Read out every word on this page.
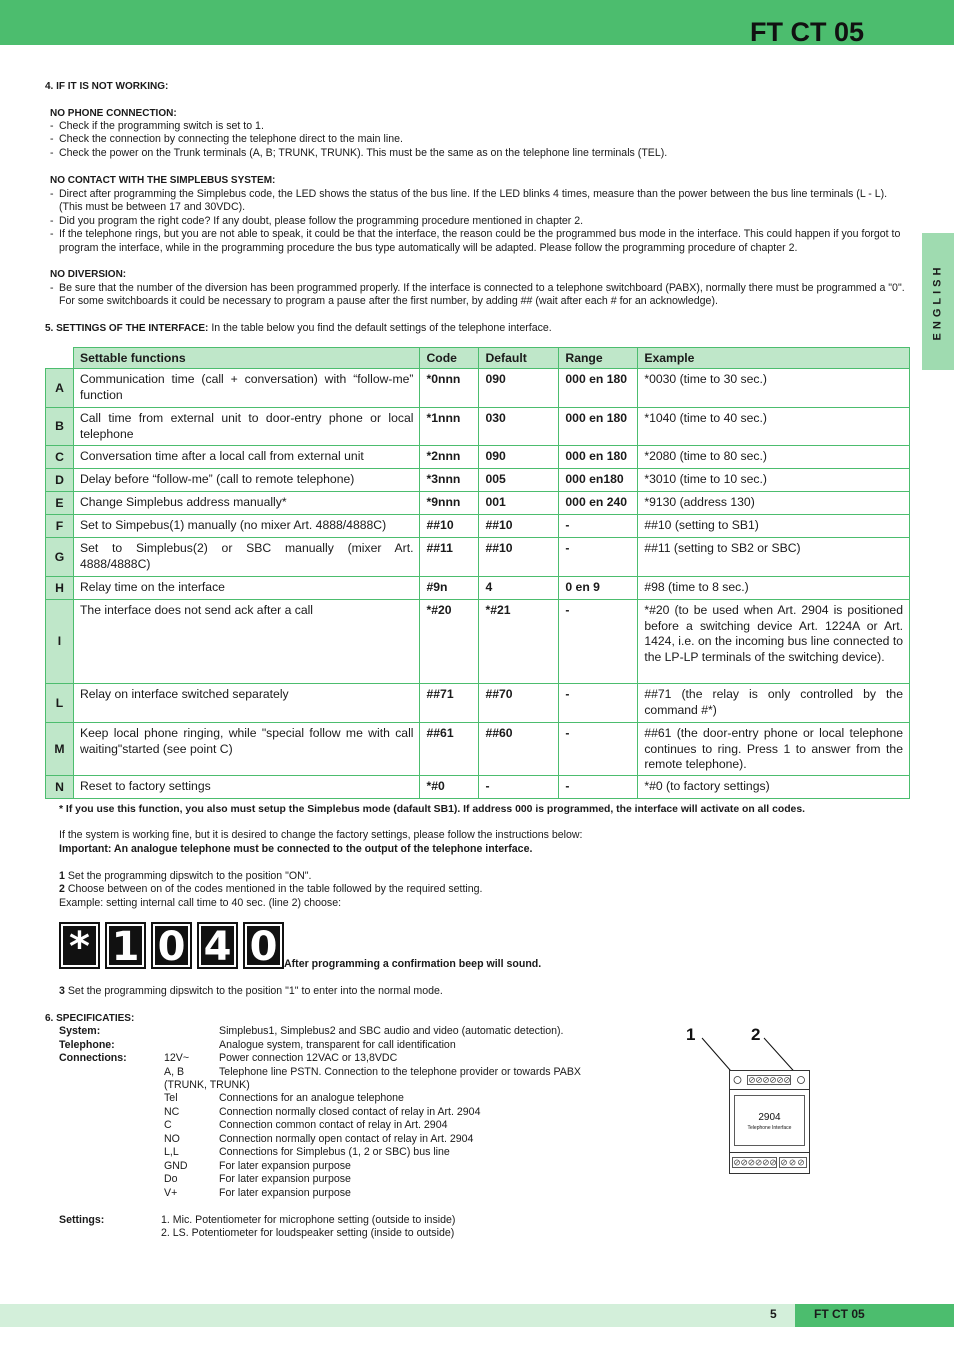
FT CT 05
ENGLISH
4. IF IT IS NOT WORKING:
NO PHONE CONNECTION:
- Check if the programming switch is set to 1.
- Check the connection by connecting the telephone direct to the main line.
- Check the power on the Trunk terminals (A, B; TRUNK, TRUNK). This must be the same as on the telephone line terminals (TEL).
NO CONTACT WITH THE SIMPLEBUS SYSTEM:
- Direct after programming the Simplebus code, the LED shows the status of the bus line. If the LED blinks 4 times, measure than the power between the bus line terminals (L - L). (This must be between 17 and 30VDC).
- Did you program the right code? If any doubt, please follow the programming procedure mentioned in chapter 2.
- If the telephone rings, but you are not able to speak, it could be that the interface, the reason could be the programmed bus mode in the interface. This could happen if you forgot to program the interface, while in the programming procedure the bus type automatically will be adapted. Please follow the programming procedure of chapter 2.
NO DIVERSION:
- Be sure that the number of the diversion has been programmed properly. If the interface is connected to a telephone switchboard (PABX), normally there must be programmed a "0". For some switchboards it could be necessary to program a pause after the first number, by adding ## (wait after each # for an acknowledge).
5. SETTINGS OF THE INTERFACE: In the table below you find the default settings of the telephone interface.
	Settable functions	Code	Default	Range	Example
A	Communication time (call + conversation) with “follow-me” function	*0nnn	090	000 en 180	*0030 (time to 30 sec.)
B	Call time from external unit to door-entry phone or local telephone	*1nnn	030	000 en 180	*1040 (time to 40 sec.)
C	Conversation time after a local call from external unit	*2nnn	090	000 en 180	*2080 (time to 80 sec.)
D	Delay before “follow-me” (call to remote telephone)	*3nnn	005	000 en180	*3010 (time to 10 sec.)
E	Change Simplebus address manually*	*9nnn	001	000 en 240	*9130 (address 130)
F	Set to Simpebus(1) manually (no mixer Art. 4888/4888C)	##10	##10	-	##10 (setting to SB1)
G	Set to Simplebus(2) or SBC manually (mixer Art. 4888/4888C)	##11	##10	-	##11 (setting to SB2 or SBC)
H	Relay time on the interface	#9n	4	0 en 9	#98 (time to 8 sec.)
I	The interface does not send ack after a call	*#20	*#21	-	*#20 (to be used when Art. 2904 is positioned before a switching device Art. 1224A or Art. 1424, i.e. on the incoming bus line connected to the LP-LP terminals of the switching device).
L	Relay on interface switched separately	##71	##70	-	##71 (the relay is only controlled by the command #*)
M	Keep local phone ringing, while "special follow me with call waiting"started (see point C)	##61	##60	-	##61 (the door-entry phone or local telephone continues to ring. Press 1 to answer from the remote telephone).
N	Reset to factory settings	*#0	-	-	*#0 (to factory settings)
* If you use this function, you also must setup the Simplebus mode (dafault SB1). If address 000 is programmed, the interface will activate on all codes.
If the system is working fine, but it is desired to change the factory settings, please follow the instructions below:
Important: An analogue telephone must be connected to the output of the telephone interface.
1 Set the programming dipswitch to the position "ON".
2 Choose between on of the codes mentioned in the table followed by the required setting.
Example: setting internal call time to 40 sec. (line 2) choose:
* 1 0 4 0 After programming a confirmation beep will sound.
3 Set the programming dipswitch to the position "1" to enter into the normal mode.
6. SPECIFICATIES:
System:	Simplebus1, Simplebus2 and SBC audio and video (automatic detection).
Telephone:	Analogue system, transparent for call identification
Connections:	12V~	Power connection 12VAC or 13,8VDC
A, B	Telephone line PSTN. Connection to the telephone provider or towards PABX
(TRUNK, TRUNK)
Tel	Connections for an analogue telephone
NC	Connection normally closed contact of relay in Art. 2904
C	Connection common contact of relay in Art. 2904
NO	Connection normally open contact of relay in Art. 2904
L,L	Connections for Simplebus (1, 2 or SBC) bus line
GND	For later expansion purpose
Do	For later expansion purpose
V+	For later expansion purpose
Settings:	1. Mic. Potentiometer for microphone setting (outside to inside)
2. LS. Potentiometer for loudspeaker setting (inside to outside)
1	2
2904
Telephone Interface
5	FT CT 05
